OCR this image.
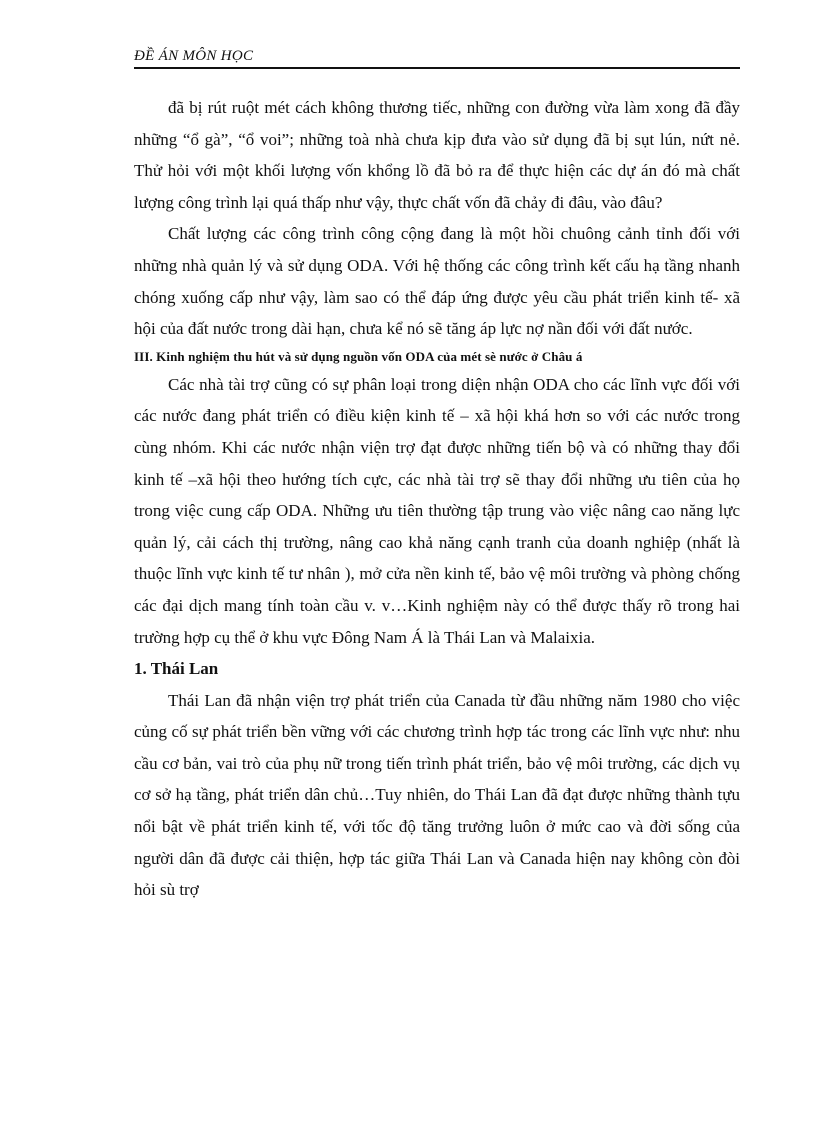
ĐỀ ÁN MÔN HỌC

đã bị rút ruột mét cách không thương tiếc, những con đường vừa làm xong đã đầy những “ổ gà”, “ổ voi”; những toà nhà chưa kịp đưa vào sử dụng đã bị sụt lún, nứt nẻ. Thử hỏi với một khối lượng vốn khổng lồ đã bỏ ra để thực hiện các dự án đó mà chất lượng công trình lại quá thấp như vậy, thực chất vốn đã chảy đi đâu, vào đâu?

Chất lượng các công trình công cộng đang là một hồi chuông cảnh tỉnh đối với những nhà quản lý và sử dụng ODA. Với hệ thống các công trình kết cấu hạ tầng nhanh chóng xuống cấp như vậy, làm sao có thể đáp ứng được yêu cầu phát triển kinh tế- xã hội của đất nước trong dài hạn, chưa kể nó sẽ tăng áp lực nợ nần đối với đất nước.

III. Kinh nghiệm thu hút và sử dụng nguồn vốn ODA của mét sè nước ở Châu á

Các nhà tài trợ cũng có sự phân loại trong diện nhận ODA cho các lĩnh vực đối với các nước đang phát triển có điều kiện kinh tế – xã hội khá hơn so với các nước trong cùng nhóm. Khi các nước nhận viện trợ đạt được những tiến bộ và có những thay đổi kinh tế –xã hội theo hướng tích cực, các nhà tài trợ sẽ thay đổi những ưu tiên của họ trong việc cung cấp ODA. Những ưu tiên thường tập trung vào việc nâng cao năng lực quản lý, cải cách thị trường, nâng cao khả năng cạnh tranh của doanh nghiệp (nhất là thuộc lĩnh vực kinh tế tư nhân ), mở cửa nền kinh tế, bảo vệ môi trường và phòng chống các đại dịch mang tính toàn cầu v. v…Kinh nghiệm này có thể được thấy rõ trong hai trường hợp cụ thể ở khu vực Đông Nam Á là Thái Lan và Malaixia.

1. Thái Lan

Thái Lan đã nhận viện trợ phát triển của Canada từ đầu những năm 1980 cho việc củng cố sự phát triển bền vững với các chương trình hợp tác trong các lĩnh vực như: nhu cầu cơ bản, vai trò của phụ nữ trong tiến trình phát triển, bảo vệ môi trường, các dịch vụ cơ sở hạ tầng, phát triển dân chủ…Tuy nhiên, do Thái Lan đã đạt được những thành tựu nổi bật về phát triển kinh tế, với tốc độ tăng trưởng luôn ở mức cao và đời sống của người dân đã được cải thiện, hợp tác giữa Thái Lan và Canada hiện nay không còn đòi hỏi sù trợ
